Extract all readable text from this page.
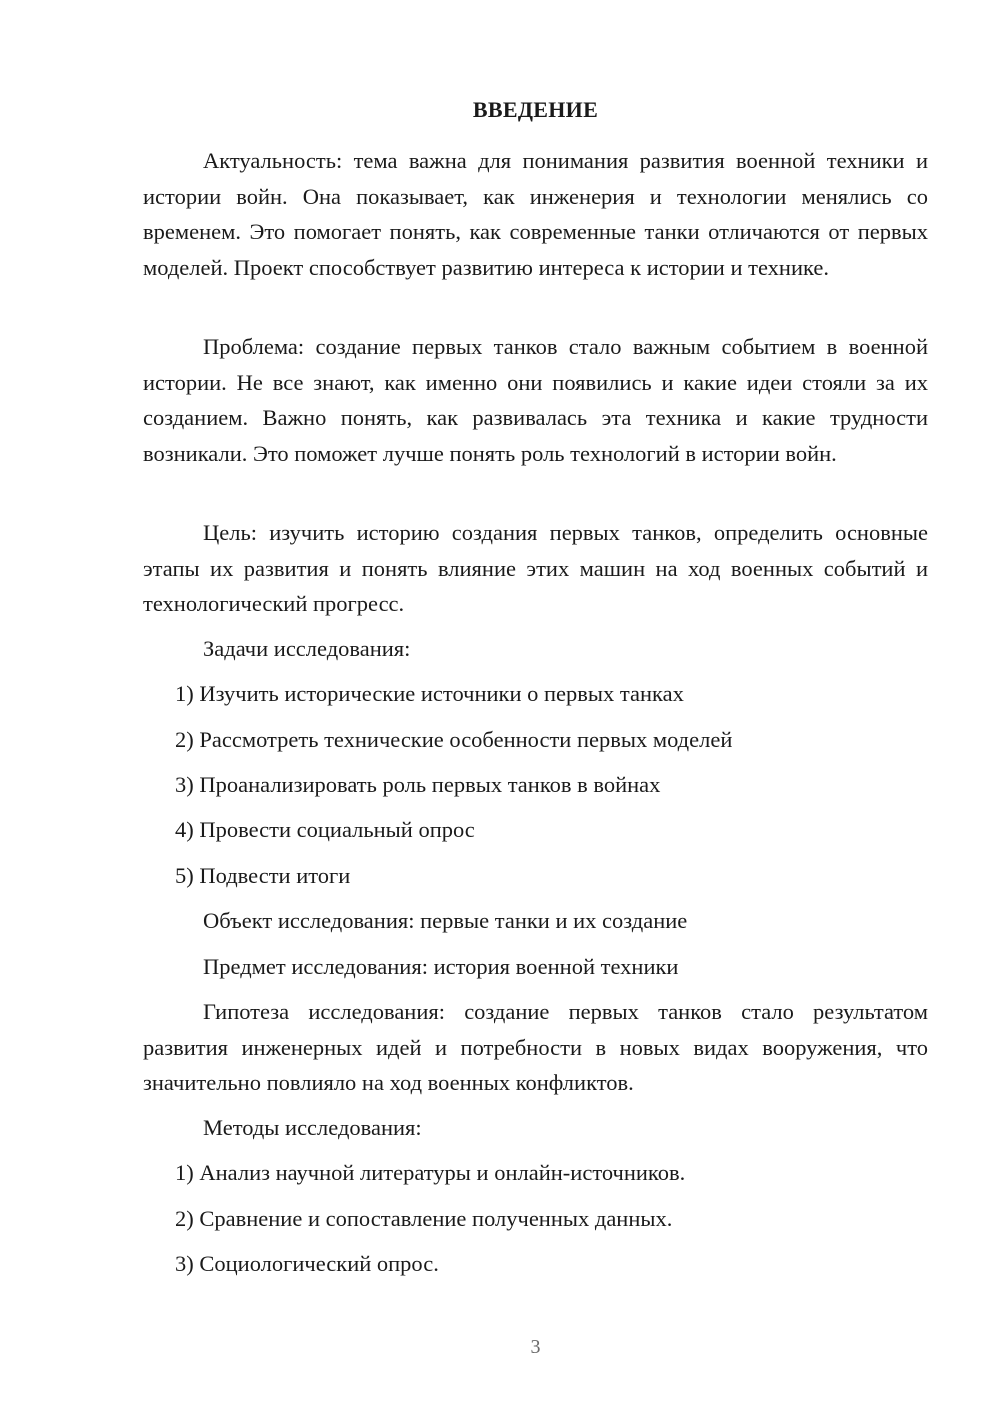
ВВЕДЕНИЕ

Актуальность: тема важна для понимания развития военной техники и истории войн. Она показывает, как инженерия и технологии менялись со временем. Это помогает понять, как современные танки отличаются от первых моделей. Проект способствует развитию интереса к истории и технике.

Проблема: создание первых танков стало важным событием в военной истории. Не все знают, как именно они появились и какие идеи стояли за их созданием. Важно понять, как развивалась эта техника и какие трудности возникали. Это поможет лучше понять роль технологий в истории войн.

Цель: изучить историю создания первых танков, определить основные этапы их развития и понять влияние этих машин на ход военных событий и технологический прогресс.

Задачи исследования:

1) Изучить исторические источники о первых танках

2) Рассмотреть технические особенности первых моделей

3) Проанализировать роль первых танков в войнах

4) Провести социальный опрос

5) Подвести итоги

Объект исследования: первые танки и их создание

Предмет исследования: история военной техники

Гипотеза исследования: создание первых танков стало результатом развития инженерных идей и потребности в новых видах вооружения, что значительно повлияло на ход военных конфликтов.

Методы исследования:

1) Анализ научной литературы и онлайн-источников.

2) Сравнение и сопоставление полученных данных.

3) Социологический опрос.

3
